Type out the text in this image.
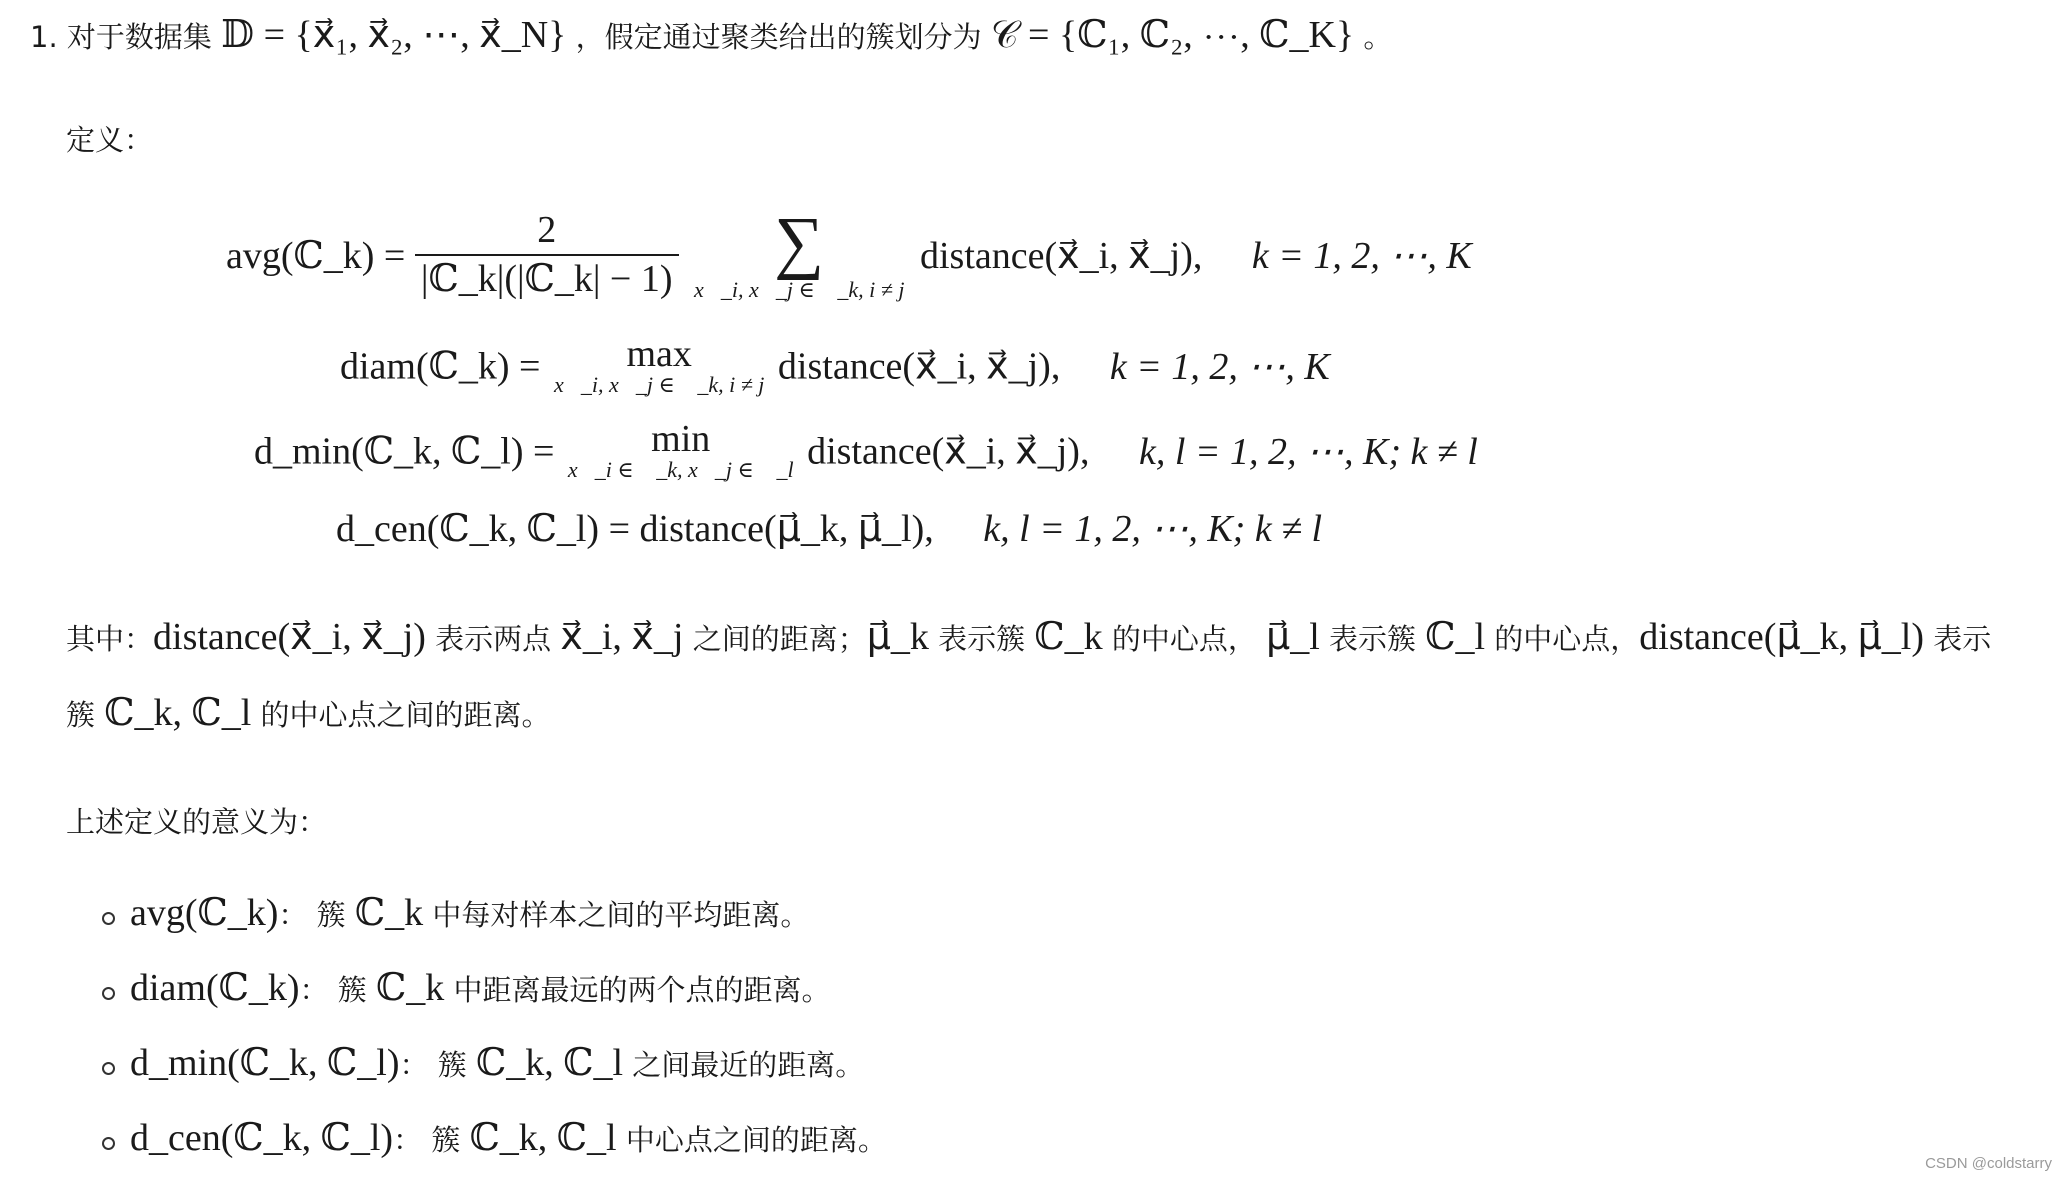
1. 对于数据集 𝔻 = {x⃗₁, x⃗₂, ⋯, x⃗_N} ，假定通过聚类给出的簇划分为 𝒞 = {ℂ₁, ℂ₂, ⋯, ℂ_K} 。
定义：
avg(ℂ_k) = $\frac{2}{\text{|ℂ\_k|(|ℂ\_k| − 1)}}$
	∑
x⃗_i, x⃗_j ∈ ℂ_k, i ≠ j
distance(x⃗_i, x⃗_j), k = 1, 2, ⋯, K
diam(ℂ_k) =	max
x⃗_i, x⃗_j ∈ ℂ_k, i ≠ j distance(x⃗_i, x⃗_j), k = 1, 2, ⋯, K
d_min(ℂ_k, ℂ_l) =	min
x⃗_i ∈ ℂ_k, x⃗_j ∈ ℂ_l distance(x⃗_i, x⃗_j), k, l = 1, 2, ⋯, K; k ≠ l
d_cen(ℂ_k, ℂ_l) = distance(μ⃗_k, μ⃗_l), k, l = 1, 2, ⋯, K; k ≠ l
其中：distance(x⃗_i, x⃗_j) 表示两点 x⃗_i, x⃗_j 之间的距离；μ⃗_k 表示簇 ℂ_k 的中心点， μ⃗_l 表示簇 ℂ_l 的中心点，distance(μ⃗_k, μ⃗_l) 表示
簇 ℂ_k, ℂ_l 的中心点之间的距离。
上述定义的意义为：
avg(ℂ_k)： 簇 ℂ_k 中每对样本之间的平均距离。
diam(ℂ_k)： 簇 ℂ_k 中距离最远的两个点的距离。
d_min(ℂ_k, ℂ_l)： 簇 ℂ_k, ℂ_l 之间最近的距离。
d_cen(ℂ_k, ℂ_l)： 簇 ℂ_k, ℂ_l 中心点之间的距离。
CSDN @coldstarry
